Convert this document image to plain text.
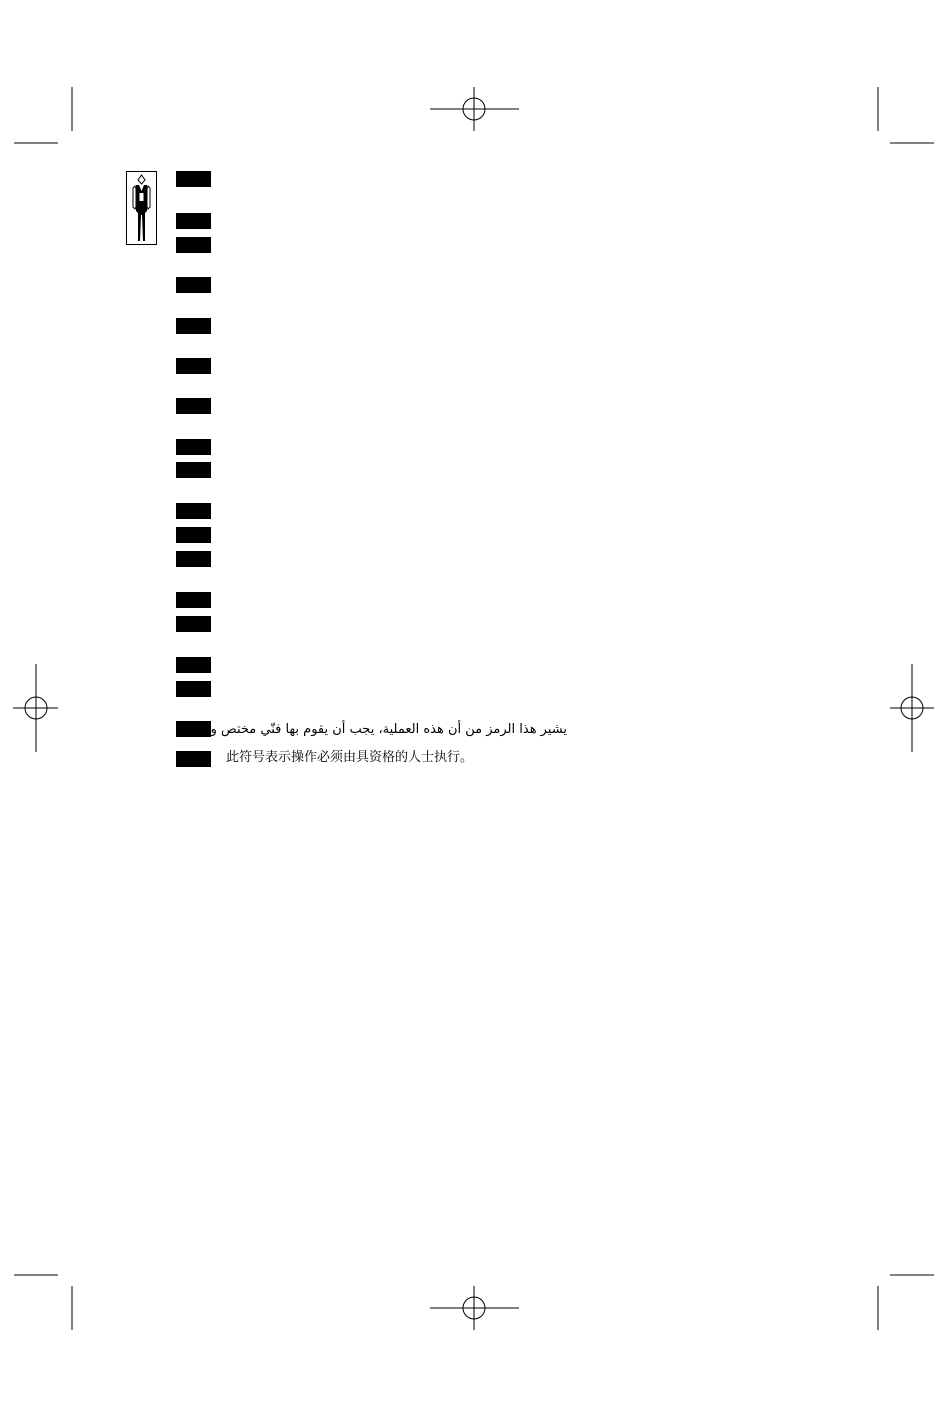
يشير هذا الرمز من أن هذه العملية، يجب أن يقوم بها فنّي مختص ومؤهل.
此符号表示操作必须由具资格的人士执行。
